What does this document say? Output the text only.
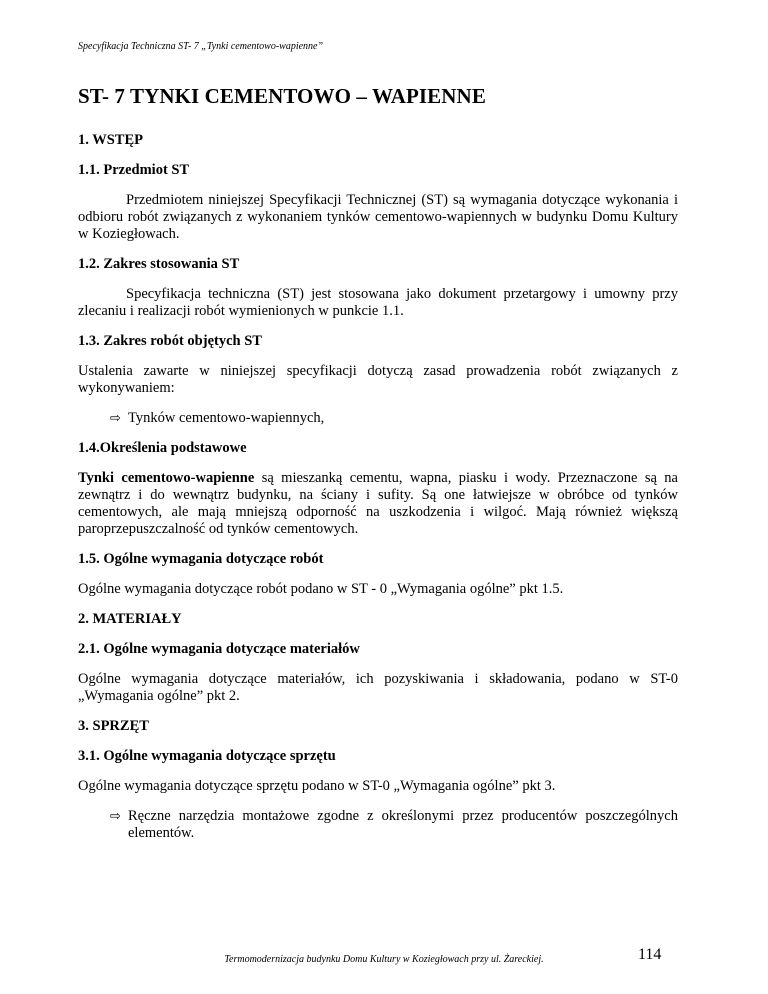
Specyfikacja Techniczna ST- 7 „Tynki cementowo-wapienne”
ST- 7 TYNKI CEMENTOWO – WAPIENNE

1. WSTĘP

1.1. Przedmiot ST

Przedmiotem niniejszej Specyfikacji Technicznej (ST) są wymagania dotyczące wykonania i odbioru robót związanych z wykonaniem tynków cementowo-wapiennych w budynku Domu Kultury w Koziegłowach.

1.2. Zakres stosowania ST

Specyfikacja techniczna (ST) jest stosowana jako dokument przetargowy i umowny przy zlecaniu i realizacji robót wymienionych w punkcie 1.1.

1.3. Zakres robót objętych ST

Ustalenia zawarte w niniejszej specyfikacji dotyczą zasad prowadzenia robót związanych z wykonywaniem:

⇨ Tynków cementowo-wapiennych,

1.4.Określenia podstawowe

Tynki cementowo-wapienne są mieszanką cementu, wapna, piasku i wody. Przeznaczone są na zewnątrz i do wewnątrz budynku, na ściany i sufity. Są one łatwiejsze w obróbce od tynków cementowych, ale mają mniejszą odporność na uszkodzenia i wilgoć. Mają również większą paroprzepuszczalność od tynków cementowych.

1.5. Ogólne wymagania dotyczące robót

Ogólne wymagania dotyczące robót podano w ST - 0 „Wymagania ogólne” pkt 1.5.

2. MATERIAŁY

2.1. Ogólne wymagania dotyczące materiałów

Ogólne wymagania dotyczące materiałów, ich pozyskiwania i składowania, podano w ST-0 „Wymagania ogólne” pkt 2.

3. SPRZĘT

3.1. Ogólne wymagania dotyczące sprzętu

Ogólne wymagania dotyczące sprzętu podano w ST-0 „Wymagania ogólne” pkt 3.

⇨ Ręczne narzędzia montażowe zgodne z określonymi przez producentów poszczególnych elementów.
Termomodernizacja budynku Domu Kultury w Koziegłowach przy ul. Żareckiej.	114
